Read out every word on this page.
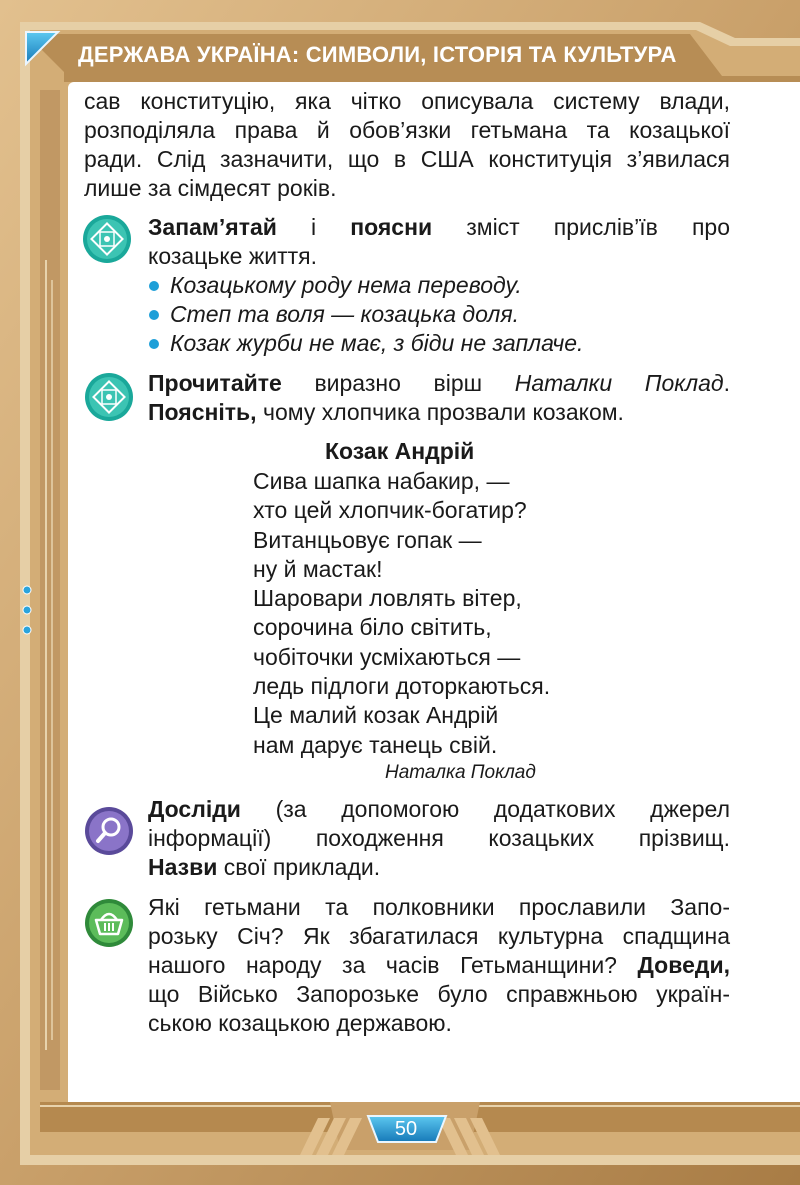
ДЕРЖАВА УКРАЇНА: СИМВОЛИ, ІСТОРІЯ ТА КУЛЬТУРА
сав конституцію, яка чітко описувала систему влади,
розподіляла права й обов’язки гетьмана та козацької
ради. Слід зазначити, що в США конституція з’явилася
лише за сімдесят років.
Запам’ятай і поясни зміст прислів’їв про
козацьке життя.
Козацькому роду нема переводу.
Степ та воля — козацька доля.
Козак журби не має, з біди не заплаче.
Прочитайте виразно вірш Наталки Поклад.
Поясніть, чому хлопчика прозвали козаком.
Козак Андрій
Сива шапка набакир, —
хто цей хлопчик-богатир?
Витанцьовує гопак —
ну й мастак!
Шаровари ловлять вітер,
сорочина біло світить,
чобіточки усміхаються —
ледь підлоги доторкаються.
Це малий козак Андрій
нам дарує танець свій.
Наталка Поклад
Досліди (за допомогою додаткових джерел
інформації) походження козацьких прізвищ.
Назви свої приклади.
Які гетьмани та полковники прославили Запо-
розьку Січ? Як збагатилася культурна спадщина
нашого народу за часів Гетьманщини? Доведи,
що Військо Запорозьке було справжньою україн-
ською козацькою державою.
50
